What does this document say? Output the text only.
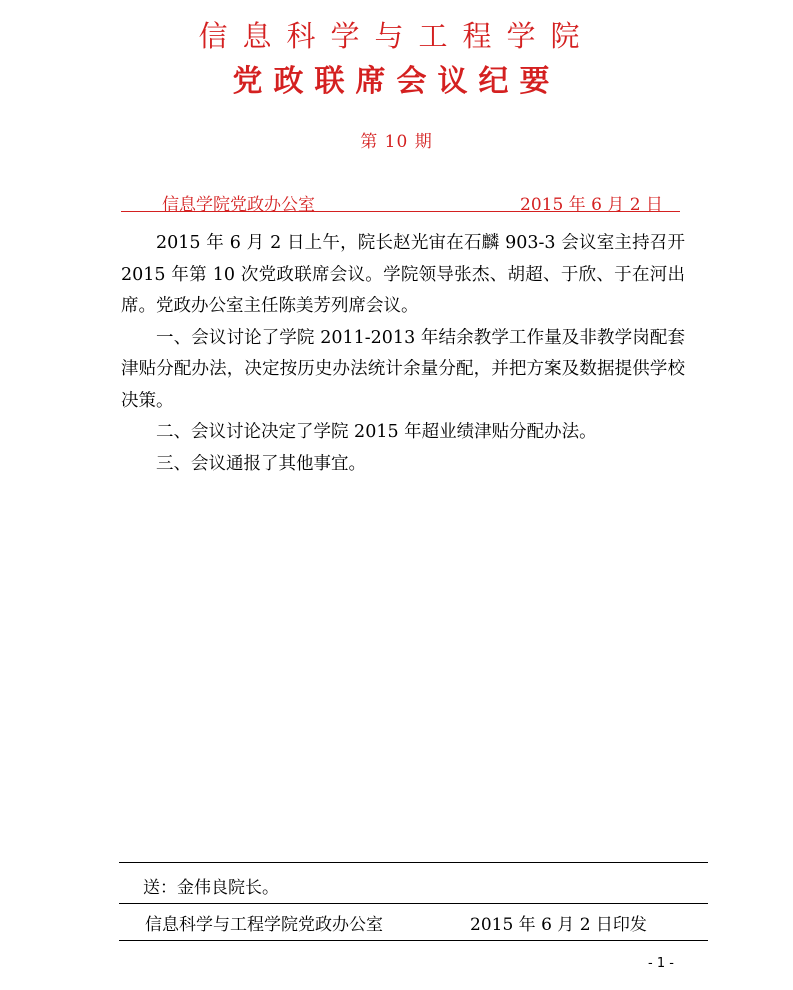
信息科学与工程学院
党政联席会议纪要
第 10 期
信息学院党政办公室	2015 年 6 月 2 日

2015 年 6 月 2 日上午，院长赵光宙在石麟 903-3 会议室主持召开 2015 年第 10 次党政联席会议。学院领导张杰、胡超、于欣、于在河出席。党政办公室主任陈美芳列席会议。

一、会议讨论了学院 2011-2013 年结余教学工作量及非教学岗配套津贴分配办法，决定按历史办法统计余量分配，并把方案及数据提供学校决策。

二、会议讨论决定了学院 2015 年超业绩津贴分配办法。

三、会议通报了其他事宜。

送：金伟良院长。
信息科学与工程学院党政办公室	2015 年 6 月 2 日印发
- 1 -
